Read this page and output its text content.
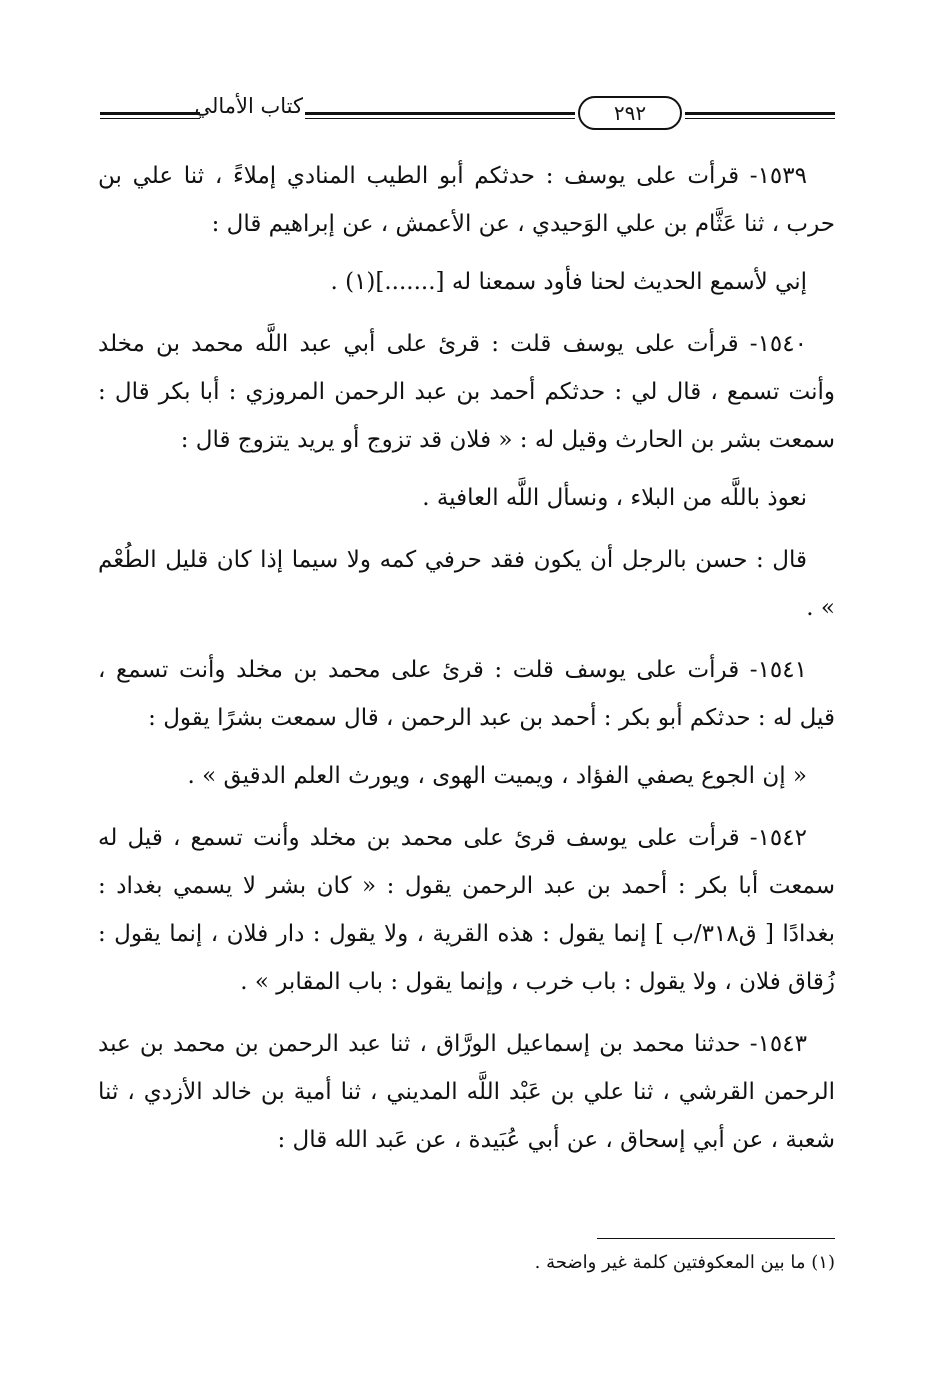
كتاب الأمالي	٢٩٢

١٥٣٩- قرأت على يوسف : حدثكم أبو الطيب المنادي إملاءً ، ثنا علي بن حرب ، ثنا عَثَّام بن علي الوَحيدي ، عن الأعمش ، عن إبراهيم قال :

إني لأسمع الحديث لحنا فأود سمعنا له [.......](١) .

١٥٤٠- قرأت على يوسف قلت : قرئ على أبي عبد اللَّه محمد بن مخلد وأنت تسمع ، قال لي : حدثكم أحمد بن عبد الرحمن المروزي : أبا بكر قال : سمعت بشر بن الحارث وقيل له : « فلان قد تزوج أو يريد يتزوج قال :

نعوذ باللَّه من البلاء ، ونسأل اللَّه العافية .

قال : حسن بالرجل أن يكون فقد حرفي كمه ولا سيما إذا كان قليل الطُعْم » .

١٥٤١- قرأت على يوسف قلت : قرئ على محمد بن مخلد وأنت تسمع ، قيل له : حدثكم أبو بكر : أحمد بن عبد الرحمن ، قال سمعت بشرًا يقول :

« إن الجوع يصفي الفؤاد ، ويميت الهوى ، ويورث العلم الدقيق » .

١٥٤٢- قرأت على يوسف قرئ على محمد بن مخلد وأنت تسمع ، قيل له سمعت أبا بكر : أحمد بن عبد الرحمن يقول : « كان بشر لا يسمي بغداد : بغدادًا [ ق٣١٨/ب ] إنما يقول : هذه القرية ، ولا يقول : دار فلان ، إنما يقول : زُقاق فلان ، ولا يقول : باب خرب ، وإنما يقول : باب المقابر » .

١٥٤٣- حدثنا محمد بن إسماعيل الورَّاق ، ثنا عبد الرحمن بن محمد بن عبد الرحمن القرشي ، ثنا علي بن عَبْد اللَّه المديني ، ثنا أمية بن خالد الأزدي ، ثنا شعبة ، عن أبي إسحاق ، عن أبي عُبَيدة ، عن عَبد الله قال :

(١) ما بين المعكوفتين كلمة غير واضحة .
